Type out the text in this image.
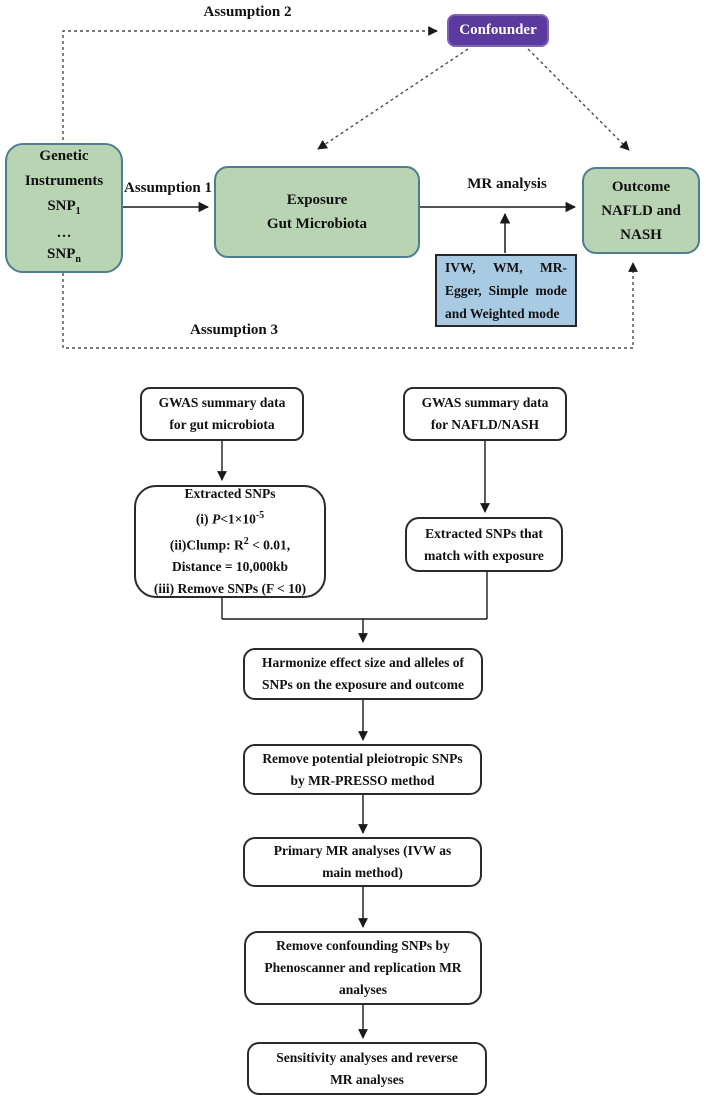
Assumption 2
Confounder
Genetic
Instruments
$SNP_1$
…
$SNP_n$
Assumption 1
Exposure
Gut Microbiota
MR analysis	Outcome
NAFLD and
NASH
IVW, WM, MR-
Egger, Simple mode
and Weighted mode
Assumption 3
GWAS summary data
for gut microbiota
GWAS summary data
for NAFLD/NASH
Extracted SNPs
(i) $P<1\times 10^{-5}$
(ii)Clump: $R^2 < 0.01$,
Distance = 10,000kb
(iii) Remove SNPs (F < 10)
Extracted SNPs that
match with exposure
Harmonize effect size and alleles of
SNPs on the exposure and outcome
Remove potential pleiotropic SNPs
by MR-PRESSO method
Primary MR analyses (IVW as
main method)
Remove confounding SNPs by
Phenoscanner and replication MR
analyses
Sensitivity analyses and reverse
MR analyses
